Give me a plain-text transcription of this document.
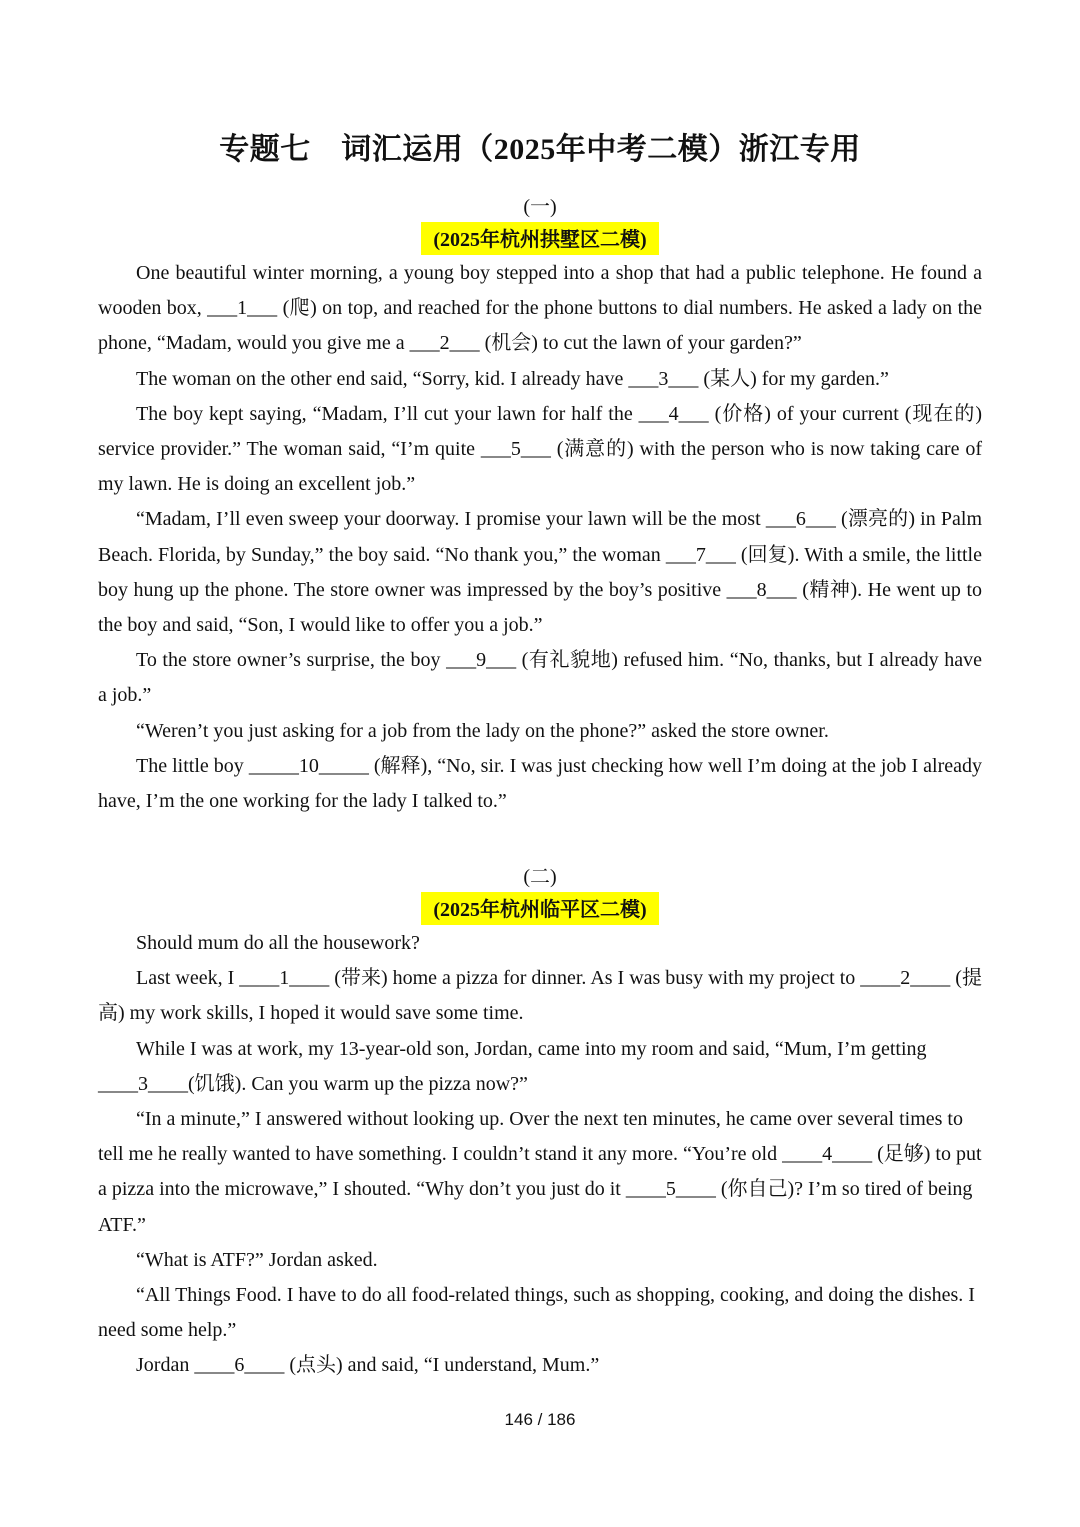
专题七　词汇运用（2025年中考二模）浙江专用
(一)
(2025年杭州拱墅区二模)

One beautiful winter morning, a young boy stepped into a shop that had a public telephone. He found a wooden box, ___1___ (爬) on top, and reached for the phone buttons to dial numbers. He asked a lady on the phone, “Madam, would you give me a ___2___ (机会) to cut the lawn of your garden?”

The woman on the other end said, “Sorry, kid. I already have ___3___ (某人) for my garden.”

The boy kept saying, “Madam, I’ll cut your lawn for half the ___4___ (价格) of your current (现在的) service provider.” The woman said, “I’m quite ___5___ (满意的) with the person who is now taking care of my lawn. He is doing an excellent job.”

“Madam, I’ll even sweep your doorway. I promise your lawn will be the most ___6___ (漂亮的) in Palm Beach. Florida, by Sunday,” the boy said. “No thank you,” the woman ___7___ (回复). With a smile, the little boy hung up the phone. The store owner was impressed by the boy’s positive ___8___ (精神). He went up to the boy and said, “Son, I would like to offer you a job.”

To the store owner’s surprise, the boy ___9___ (有礼貌地) refused him. “No, thanks, but I already have a job.”

“Weren’t you just asking for a job from the lady on the phone?” asked the store owner.

The little boy _____10_____ (解释), “No, sir. I was just checking how well I’m doing at the job I already have, I’m the one working for the lady I talked to.”

(二)
(2025年杭州临平区二模)

Should mum do all the housework?

Last week, I ____1____ (带来) home a pizza for dinner. As I was busy with my project to ____2____ (提高) my work skills, I hoped it would save some time.

While I was at work, my 13-year-old son, Jordan, came into my room and said, “Mum, I’m getting ____3____(饥饿). Can you warm up the pizza now?”

“In a minute,” I answered without looking up. Over the next ten minutes, he came over several times to tell me he really wanted to have something. I couldn’t stand it any more. “You’re old ____4____ (足够) to put a pizza into the microwave,” I shouted. “Why don’t you just do it ____5____ (你自己)? I’m so tired of being ATF.”

“What is ATF?” Jordan asked.

“All Things Food. I have to do all food-related things, such as shopping, cooking, and doing the dishes. I need some help.”

Jordan ____6____ (点头) and said, “I understand, Mum.”

146 / 186
